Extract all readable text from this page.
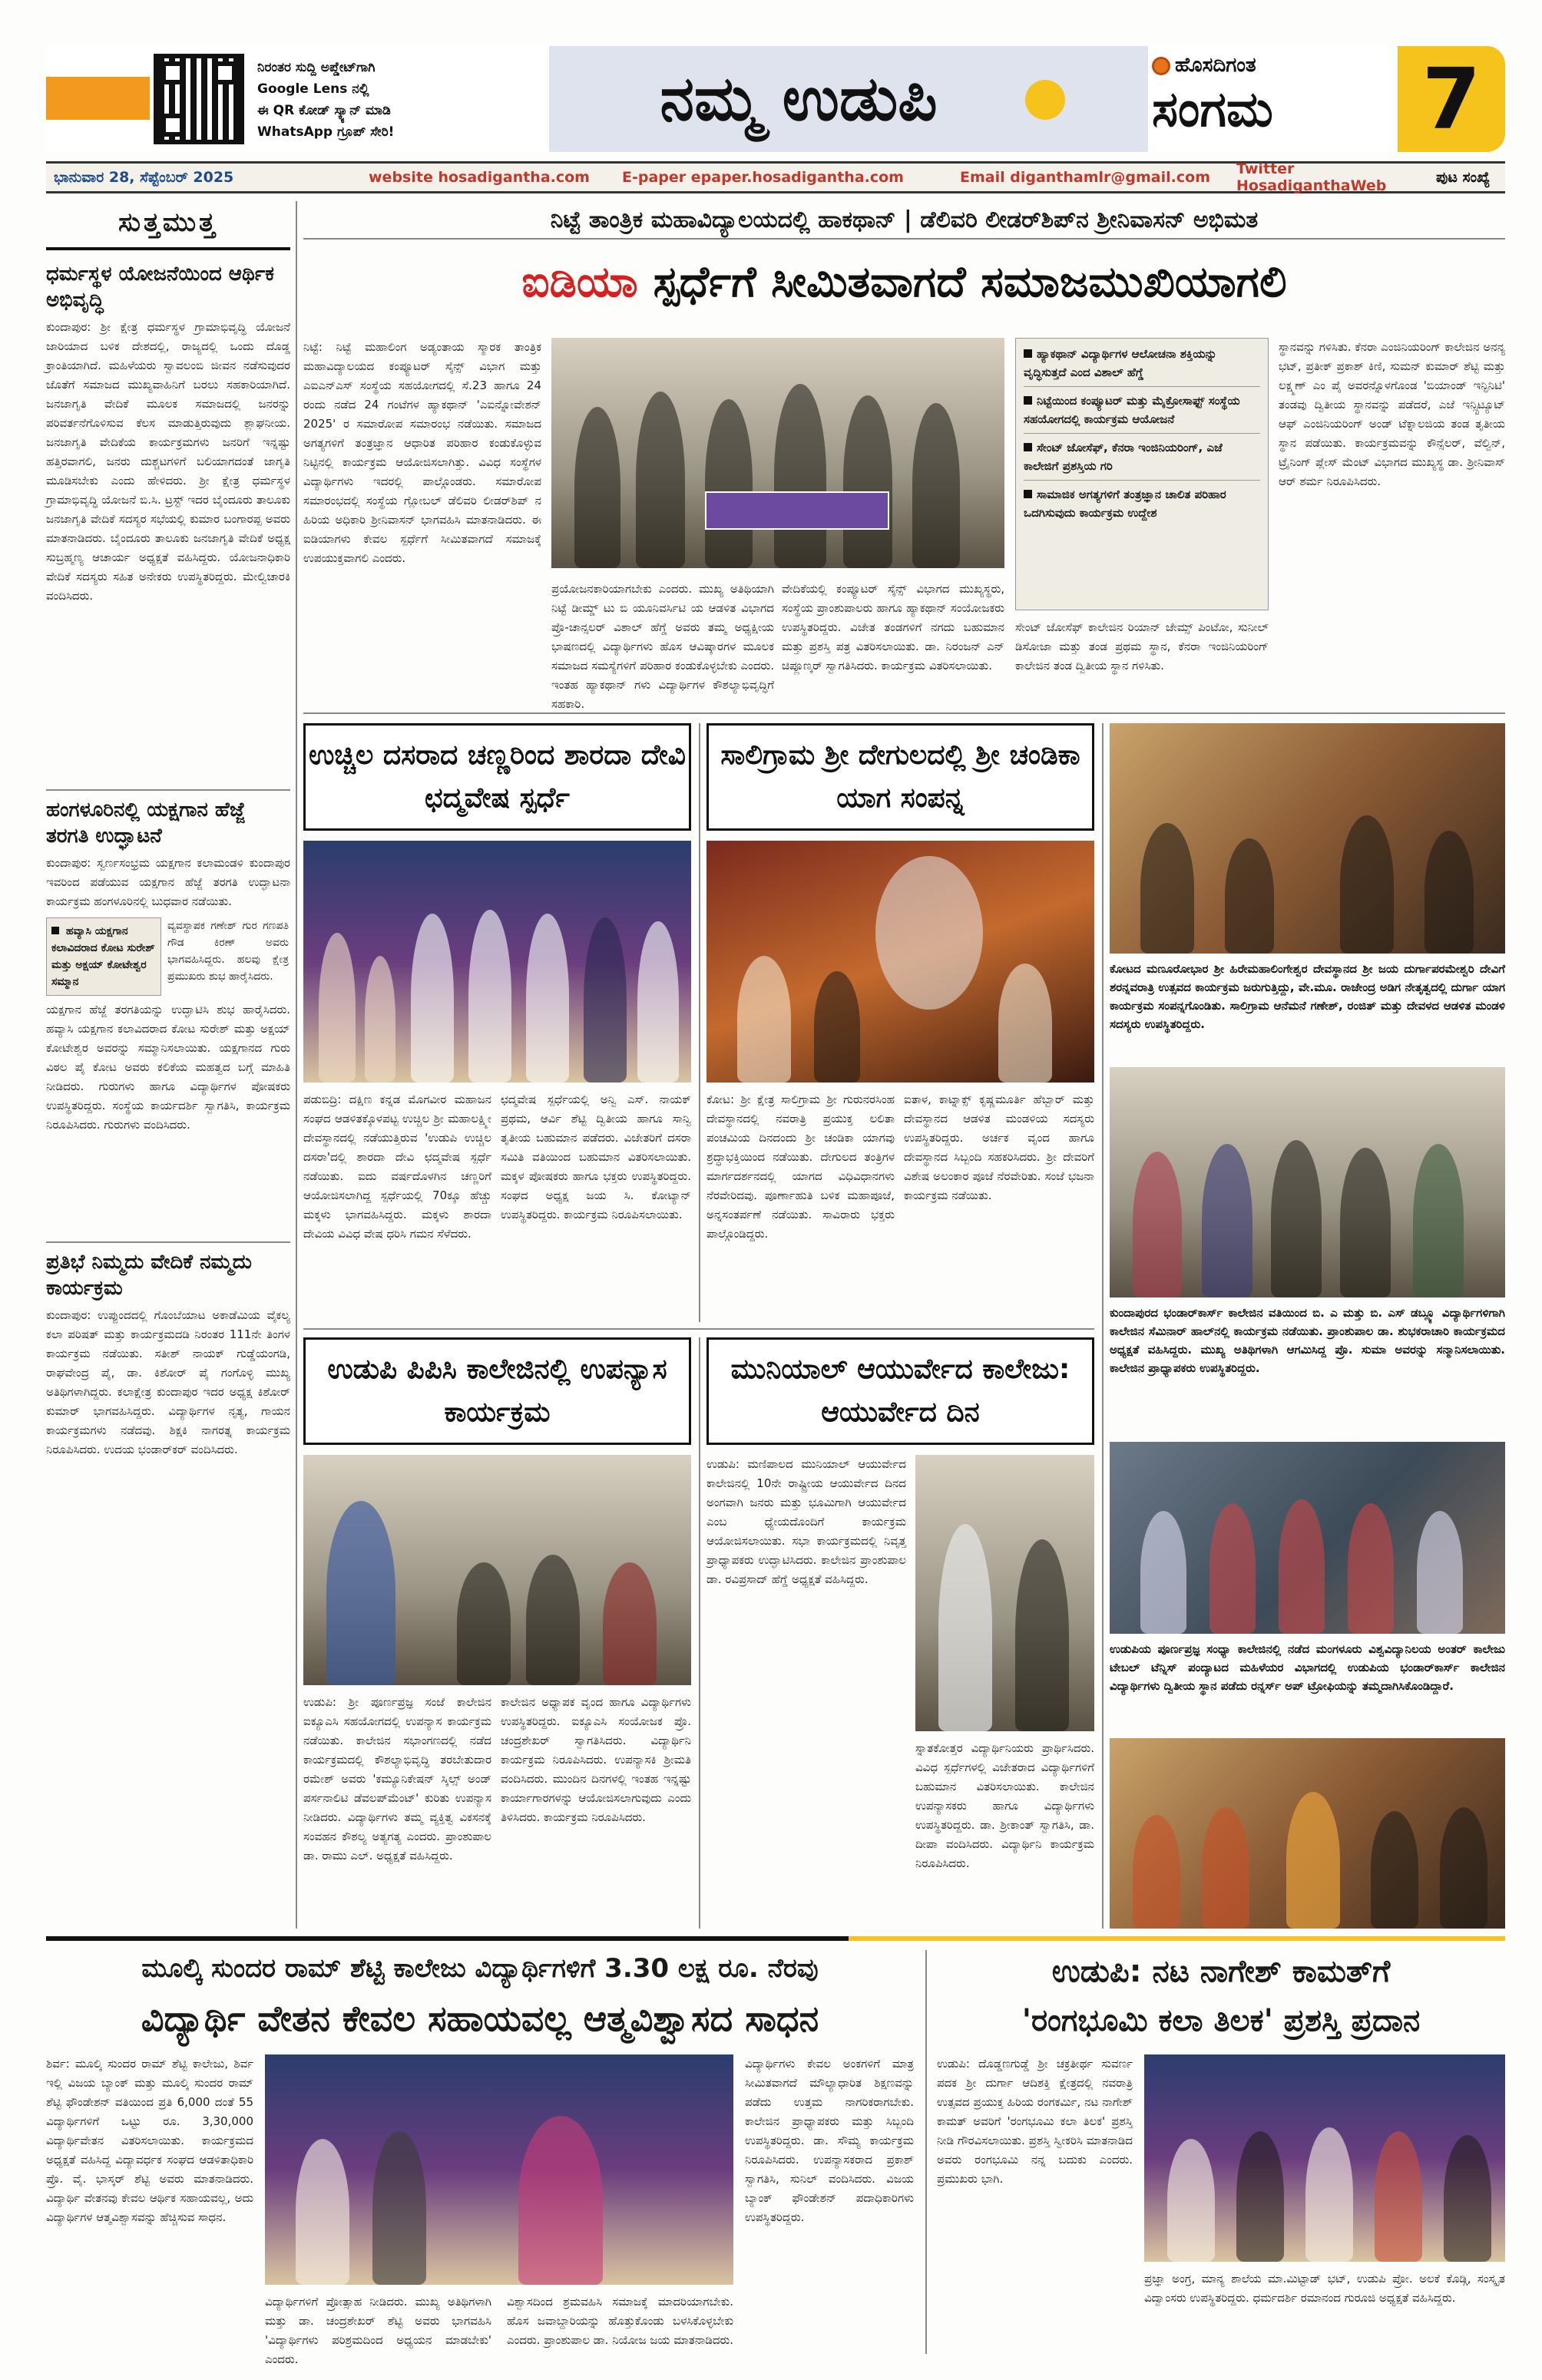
ನಿರಂತರ ಸುದ್ದಿ ಅಪ್ಡೇಟ್‌ಗಾಗಿ
Google Lens ನಲ್ಲಿ
ಈ QR ಕೋಡ್ ಸ್ಕ್ಯಾನ್ ಮಾಡಿ
WhatsApp ಗ್ರೂಪ್ ಸೇರಿ!	ನಮ್ಮ ಉಡುಪಿ	ಹೊಸದಿಗಂತ
ಸಂಗಮ	7
ಭಾನುವಾರ 28, ಸೆಪ್ಟೆಂಬರ್ 2025	website hosadigantha.com	E-paper epaper.hosadigantha.com	Email diganthamlr@gmail.com	Twitter HosadiganthaWeb	ಪುಟ ಸಂಖ್ಯೆ
ಸುತ್ತಮುತ್ತ
ಧರ್ಮಸ್ಥಳ ಯೋಜನೆಯಿಂದ ಆರ್ಥಿಕ ಅಭಿವೃದ್ಧಿ
ಕುಂದಾಪುರ: ಶ್ರೀ ಕ್ಷೇತ್ರ ಧರ್ಮಸ್ಥಳ ಗ್ರಾಮಾಭಿವೃದ್ಧಿ ಯೋಜನೆ ಜಾರಿಯಾದ ಬಳಿಕ ದೇಶದಲ್ಲಿ, ರಾಜ್ಯದಲ್ಲಿ ಒಂದು ದೊಡ್ಡ ಕ್ರಾಂತಿಯಾಗಿದೆ. ಮಹಿಳೆಯರು ಸ್ವಾವಲಂಬಿ ಜೀವನ ನಡೆಸುವುದರ ಜೊತೆಗೆ ಸಮಾಜದ ಮುಖ್ಯವಾಹಿನಿಗೆ ಬರಲು ಸಹಕಾರಿಯಾಗಿದೆ. ಜನಜಾಗೃತಿ ವೇದಿಕೆ ಮೂಲಕ ಸಮಾಜದಲ್ಲಿ ಜನರನ್ನು ಪರಿವರ್ತನೆಗೊಳಿಸುವ ಕೆಲಸ ಮಾಡುತ್ತಿರುವುದು ಶ್ಲಾಘನೀಯ. ಜನಜಾಗೃತಿ ವೇದಿಕೆಯ ಕಾರ್ಯಕ್ರಮಗಳು ಜನರಿಗೆ ಇನ್ನಷ್ಟು ಹತ್ತಿರವಾಗಲಿ, ಜನರು ದುಶ್ಚಟಗಳಿಗೆ ಬಲಿಯಾಗದಂತೆ ಜಾಗೃತಿ ಮೂಡಿಸಬೇಕು ಎಂದು ಹೇಳಿದರು. ಶ್ರೀ ಕ್ಷೇತ್ರ ಧರ್ಮಸ್ಥಳ ಗ್ರಾಮಾಭಿವೃದ್ಧಿ ಯೋಜನೆ ಬಿ.ಸಿ. ಟ್ರಸ್ಟ್ ಇದರ ಬೈಂದೂರು ತಾಲೂಕು ಜನಜಾಗೃತಿ ವೇದಿಕೆ ಸದಸ್ಯರ ಸಭೆಯಲ್ಲಿ ಕುಮಾರ ಬಂಗಾರಪ್ಪ ಅವರು ಮಾತನಾಡಿದರು. ಬೈಂದೂರು ತಾಲೂಕು ಜನಜಾಗೃತಿ ವೇದಿಕೆ ಅಧ್ಯಕ್ಷ ಸುಬ್ರಹ್ಮಣ್ಯ ಆಚಾರ್ಯ ಅಧ್ಯಕ್ಷತೆ ವಹಿಸಿದ್ದರು. ಯೋಜನಾಧಿಕಾರಿ ವೇದಿಕೆ ಸದಸ್ಯರು ಸಹಿತ ಅನೇಕರು ಉಪಸ್ಥಿತರಿದ್ದರು. ಮೇಲ್ವಿಚಾರಕಿ ವಂದಿಸಿದರು.
ಹಂಗಳೂರಿನಲ್ಲಿ ಯಕ್ಷಗಾನ ಹೆಜ್ಜೆ ತರಗತಿ ಉದ್ಘಾಟನೆ
ಕುಂದಾಪುರ: ಸ್ವರ್ಣಸಂಭ್ರಮ ಯಕ್ಷಗಾನ ಕಲಾಮಂಡಳಿ ಕುಂದಾಪುರ ಇವರಿಂದ ಪಡೆಯುವ ಯಕ್ಷಗಾನ ಹೆಜ್ಜೆ ತರಗತಿ ಉದ್ಘಾಟನಾ ಕಾರ್ಯಕ್ರಮ ಹಂಗಳೂರಿನಲ್ಲಿ ಬುಧವಾರ ನಡೆಯಿತು.
ಹವ್ಯಾಸಿ ಯಕ್ಷಗಾನ ಕಲಾವಿದರಾದ ಕೋಟ ಸುರೇಶ್ ಮತ್ತು ಅಕ್ಷಯ್ ಕೋಟೇಶ್ವರ ಸಮ್ಮಾನ
ವ್ಯವಸ್ಥಾಪಕ ಗಣೇಶ್ ಗುರ ಗಣಪತಿ ಗೌಡ ಕಿರಣ್ ಅವರು ಭಾಗವಹಿಸಿದ್ದರು. ಹಲವು ಕ್ಷೇತ್ರ ಪ್ರಮುಖರು ಶುಭ ಹಾರೈಸಿದರು.
ಯಕ್ಷಗಾನ ಹೆಜ್ಜೆ ತರಗತಿಯನ್ನು ಉದ್ಘಾಟಿಸಿ ಶುಭ ಹಾರೈಸಿದರು. ಹವ್ಯಾಸಿ ಯಕ್ಷಗಾನ ಕಲಾವಿದರಾದ ಕೋಟ ಸುರೇಶ್ ಮತ್ತು ಅಕ್ಷಯ್ ಕೋಟೇಶ್ವರ ಅವರನ್ನು ಸಮ್ಮಾನಿಸಲಾಯಿತು. ಯಕ್ಷಗಾನದ ಗುರು ವಿಠಲ ಪೈ ಕೋಟ ಅವರು ಕಲಿಕೆಯ ಮಹತ್ವದ ಬಗ್ಗೆ ಮಾಹಿತಿ ನೀಡಿದರು. ಗುರುಗಳು ಹಾಗೂ ವಿದ್ಯಾರ್ಥಿಗಳ ಪೋಷಕರು ಉಪಸ್ಥಿತರಿದ್ದರು. ಸಂಸ್ಥೆಯ ಕಾರ್ಯದರ್ಶಿ ಸ್ವಾಗತಿಸಿ, ಕಾರ್ಯಕ್ರಮ ನಿರೂಪಿಸಿದರು. ಗುರುಗಳು ವಂದಿಸಿದರು.
ಪ್ರತಿಭೆ ನಿಮ್ಮದು ವೇದಿಕೆ ನಮ್ಮದು ಕಾರ್ಯಕ್ರಮ
ಕುಂದಾಪುರ: ಉಪ್ಪುಂದದಲ್ಲಿ ಗೊಂಬೆಯಾಟ ಅಕಾಡೆಮಿಯ ವೈಕಲ್ಯ ಕಲಾ ಪರಿಷತ್ ಮತ್ತು ಕಾರ್ಯಕ್ರಮದಡಿ ನಿರಂತರ 111ನೇ ತಿಂಗಳ ಕಾರ್ಯಕ್ರಮ ನಡೆಯಿತು. ಸತೀಶ್ ನಾಯಕ್ ಗುಡ್ಡೆಯಂಗಡಿ, ರಾಘವೇಂದ್ರ ಪೈ, ಡಾ. ಕಿಶೋರ್ ಪೈ ಗಂಗೊಳ್ಳಿ ಮುಖ್ಯ ಅತಿಥಿಗಳಾಗಿದ್ದರು. ಕಲಾಕ್ಷೇತ್ರ ಕುಂದಾಪುರ ಇದರ ಅಧ್ಯಕ್ಷ ಕಿಶೋರ್ ಕುಮಾರ್ ಭಾಗವಹಿಸಿದ್ದರು. ವಿದ್ಯಾರ್ಥಿಗಳ ನೃತ್ಯ, ಗಾಯನ ಕಾರ್ಯಕ್ರಮಗಳು ನಡೆದವು. ಶಿಕ್ಷಕಿ ನಾಗರತ್ನ ಕಾರ್ಯಕ್ರಮ ನಿರೂಪಿಸಿದರು. ಉದಯ ಭಂಡಾರ್‌ಕರ್ ವಂದಿಸಿದರು.
ನಿಟ್ಟೆ ತಾಂತ್ರಿಕ ಮಹಾವಿದ್ಯಾಲಯದಲ್ಲಿ ಹಾಕಥಾನ್ | ಡೆಲಿವರಿ ಲೀಡರ್‌ಶಿಪ್‌ನ ಶ್ರೀನಿವಾಸನ್ ಅಭಿಮತ
ಐಡಿಯಾ ಸ್ಪರ್ಧೆಗೆ ಸೀಮಿತವಾಗದೆ ಸಮಾಜಮುಖಿಯಾಗಲಿ
ನಿಟ್ಟೆ: ನಿಟ್ಟೆ ಮಹಾಲಿಂಗ ಅಡ್ಯಂತಾಯ ಸ್ಮಾರಕ ತಾಂತ್ರಿಕ ಮಹಾವಿದ್ಯಾಲಯದ ಕಂಪ್ಯೂಟರ್ ಸೈನ್ಸ್ ವಿಭಾಗ ಮತ್ತು ಎಐಎನ್‌ಎಸ್ ಸಂಸ್ಥೆಯ ಸಹಯೋಗದಲ್ಲಿ ಸೆ.23 ಹಾಗೂ 24 ರಂದು ನಡೆದ 24 ಗಂಟೆಗಳ ಹ್ಯಾಕಥಾನ್ 'ಎಐನ್ನೋವೇಶನ್ 2025' ರ ಸಮಾರೋಪ ಸಮಾರಂಭ ನಡೆಯಿತು. ಸಮಾಜದ ಅಗತ್ಯಗಳಿಗೆ ತಂತ್ರಜ್ಞಾನ ಆಧಾರಿತ ಪರಿಹಾರ ಕಂಡುಕೊಳ್ಳುವ ನಿಟ್ಟಿನಲ್ಲಿ ಕಾರ್ಯಕ್ರಮ ಆಯೋಜಿಸಲಾಗಿತ್ತು. ವಿವಿಧ ಸಂಸ್ಥೆಗಳ ವಿದ್ಯಾರ್ಥಿಗಳು ಇದರಲ್ಲಿ ಪಾಲ್ಗೊಂಡರು. ಸಮಾರೋಪ ಸಮಾರಂಭದಲ್ಲಿ ಸಂಸ್ಥೆಯ ಗ್ಲೋಬಲ್ ಡೆಲಿವರಿ ಲೀಡರ್‌ಶಿಪ್ ನ ಹಿರಿಯ ಅಧಿಕಾರಿ ಶ್ರೀನಿವಾಸನ್ ಭಾಗವಹಿಸಿ ಮಾತನಾಡಿದರು. ಈ ಐಡಿಯಾಗಳು ಕೇವಲ ಸ್ಪರ್ಧೆಗೆ ಸೀಮಿತವಾಗದೆ ಸಮಾಜಕ್ಕೆ ಉಪಯುಕ್ತವಾಗಲಿ ಎಂದರು.
ಪ್ರಯೋಜನಕಾರಿಯಾಗಬೇಕು ಎಂದರು. ಮುಖ್ಯ ಅತಿಥಿಯಾಗಿ ನಿಟ್ಟೆ ಡೀಮ್ಡ್ ಟು ಬಿ ಯೂನಿವರ್ಸಿಟಿ ಯ ಆಡಳಿತ ವಿಭಾಗದ ಪ್ರೊ-ಚಾನ್ಸಲರ್ ವಿಶಾಲ್ ಹೆಗ್ಡೆ ಅವರು ತಮ್ಮ ಅಧ್ಯಕ್ಷೀಯ ಭಾಷಣದಲ್ಲಿ ವಿದ್ಯಾರ್ಥಿಗಳು ಹೊಸ ಆವಿಷ್ಕಾರಗಳ ಮೂಲಕ ಸಮಾಜದ ಸಮಸ್ಯೆಗಳಿಗೆ ಪರಿಹಾರ ಕಂಡುಕೊಳ್ಳಬೇಕು ಎಂದರು. ಇಂತಹ ಹ್ಯಾಕಥಾನ್ ಗಳು ವಿದ್ಯಾರ್ಥಿಗಳ ಕೌಶಲ್ಯಾಭಿವೃದ್ಧಿಗೆ ಸಹಕಾರಿ.
ವೇದಿಕೆಯಲ್ಲಿ ಕಂಪ್ಯೂಟರ್ ಸೈನ್ಸ್ ವಿಭಾಗದ ಮುಖ್ಯಸ್ಥರು, ಸಂಸ್ಥೆಯ ಪ್ರಾಂಶುಪಾಲರು ಹಾಗೂ ಹ್ಯಾಕಥಾನ್ ಸಂಯೋಜಕರು ಉಪಸ್ಥಿತರಿದ್ದರು. ವಿಜೇತ ತಂಡಗಳಿಗೆ ನಗದು ಬಹುಮಾನ ಮತ್ತು ಪ್ರಶಸ್ತಿ ಪತ್ರ ವಿತರಿಸಲಾಯಿತು. ಡಾ. ನಿರಂಜನ್ ಎನ್ ಚಿಪ್ಲೂಣ್ಕರ್ ಸ್ವಾಗತಿಸಿದರು. ಕಾರ್ಯಕ್ರಮ ವಿತರಿಸಲಾಯಿತು.
ಹ್ಯಾಕಥಾನ್ ವಿದ್ಯಾರ್ಥಿಗಳ ಆಲೋಚನಾ ಶಕ್ತಿಯನ್ನು ವೃದ್ಧಿಸುತ್ತದೆ ಎಂದ ವಿಶಾಲ್ ಹೆಗ್ಡೆ
ನಿಟ್ಟೆಯಿಂದ ಕಂಪ್ಯೂಟರ್ ಮತ್ತು ಮೈಕ್ರೋಸಾಫ್ಟ್ ಸಂಸ್ಥೆಯ ಸಹಯೋಗದಲ್ಲಿ ಕಾರ್ಯಕ್ರಮ ಆಯೋಜನೆ
ಸೇಂಟ್ ಜೋಸೆಫ್, ಕೆನರಾ ಇಂಜಿನಿಯರಿಂಗ್, ಎಜೆ ಕಾಲೇಜಿಗೆ ಪ್ರಶಸ್ತಿಯ ಗರಿ
ಸಾಮಾಜಿಕ ಅಗತ್ಯಗಳಿಗೆ ತಂತ್ರಜ್ಞಾನ ಚಾಲಿತ ಪರಿಹಾರ ಒದಗಿಸುವುದು ಕಾರ್ಯಕ್ರಮ ಉದ್ದೇಶ
ಸೇಂಟ್ ಜೋಸೆಫ್ ಕಾಲೇಜಿನ ರಿಯಾನ್ ಜೇಮ್ಸ್ ಪಿಂಟೋ, ಸುನೀಲ್ ಡಿಸೋಜಾ ಮತ್ತು ತಂಡ ಪ್ರಥಮ ಸ್ಥಾನ, ಕೆನರಾ ಇಂಜಿನಿಯರಿಂಗ್ ಕಾಲೇಜಿನ ತಂಡ ದ್ವಿತೀಯ ಸ್ಥಾನ ಗಳಿಸಿತು.
ಸ್ಥಾನವನ್ನು ಗಳಿಸಿತು. ಕೆನರಾ ಎಂಜಿನಿಯರಿಂಗ್ ಕಾಲೇಜಿನ ಅನನ್ಯ ಭಟ್, ಪ್ರತೀಕ್ ಪ್ರಕಾಶ್ ಕಿಣಿ, ಸುಮನ್ ಕುಮಾರ್ ಶೆಟ್ಟಿ ಮತ್ತು ಲಕ್ಷ್ಮಣ್ ಎಂ ಪೈ ಅವರನ್ನೊಳಗೊಂಡ 'ಬಿಯಾಂಡ್ ಇನ್ಫಿನಿಟಿ' ತಂಡವು ದ್ವಿತೀಯ ಸ್ಥಾನವನ್ನು ಪಡೆದರೆ, ಎಜೆ ಇನ್ಸ್ಟಿಟ್ಯೂಟ್ ಆಫ್ ಎಂಜಿನಿಯರಿಂಗ್ ಅಂಡ್ ಟೆಕ್ನಾಲಜಿಯ ತಂಡ ತೃತೀಯ ಸ್ಥಾನ ಪಡೆಯಿತು. ಕಾರ್ಯಕ್ರಮವನ್ನು ಕೌನ್ಸೆಲರ್, ವೆಲ್ವಿನ್, ಟ್ರೈನಿಂಗ್ ಪ್ಲೇಸ್ ಮೆಂಟ್ ವಿಭಾಗದ ಮುಖ್ಯಸ್ಥ ಡಾ. ಶ್ರೀನಿವಾಸ್ ಆರ್ ಶರ್ಮ ನಿರೂಪಿಸಿದರು.
ಉಚ್ಚಿಲ ದಸರಾದ ಚಣ್ಣರಿಂದ ಶಾರದಾ ದೇವಿ ಛದ್ಮವೇಷ ಸ್ಪರ್ಧೆ
ಪಡುಬಿದ್ರಿ: ದಕ್ಷಿಣ ಕನ್ನಡ ಮೊಗವೀರ ಮಹಾಜನ ಸಂಘದ ಆಡಳಿತಕ್ಕೊಳಪಟ್ಟ ಉಚ್ಚಿಲ ಶ್ರೀ ಮಹಾಲಕ್ಷ್ಮೀ ದೇವಸ್ಥಾನದಲ್ಲಿ ನಡೆಯುತ್ತಿರುವ 'ಉಡುಪಿ ಉಚ್ಚಿಲ ದಸರಾ'ದಲ್ಲಿ ಶಾರದಾ ದೇವಿ ಛದ್ಮವೇಷ ಸ್ಪರ್ಧೆ ನಡೆಯಿತು. ಐದು ವರ್ಷದೊಳಗಿನ ಚಣ್ಣರಿಗೆ ಆಯೋಜಿಸಲಾಗಿದ್ದ ಸ್ಪರ್ಧೆಯಲ್ಲಿ 70ಕ್ಕೂ ಹೆಚ್ಚು ಮಕ್ಕಳು ಭಾಗವಹಿಸಿದ್ದರು. ಮಕ್ಕಳು ಶಾರದಾ ದೇವಿಯ ವಿವಿಧ ವೇಷ ಧರಿಸಿ ಗಮನ ಸೆಳೆದರು.
ಛದ್ಮವೇಷ ಸ್ಪರ್ಧೆಯಲ್ಲಿ ಅನ್ವಿ ಎಸ್. ನಾಯಕ್ ಪ್ರಥಮ, ಆರ್ವಿ ಶೆಟ್ಟಿ ದ್ವಿತೀಯ ಹಾಗೂ ಸಾನ್ವಿ ತೃತೀಯ ಬಹುಮಾನ ಪಡೆದರು. ವಿಜೇತರಿಗೆ ದಸರಾ ಸಮಿತಿ ವತಿಯಿಂದ ಬಹುಮಾನ ವಿತರಿಸಲಾಯಿತು. ಮಕ್ಕಳ ಪೋಷಕರು ಹಾಗೂ ಭಕ್ತರು ಉಪಸ್ಥಿತರಿದ್ದರು. ಸಂಘದ ಅಧ್ಯಕ್ಷ ಜಯ ಸಿ. ಕೋಟ್ಯಾನ್ ಉಪಸ್ಥಿತರಿದ್ದರು. ಕಾರ್ಯಕ್ರಮ ನಿರೂಪಿಸಲಾಯಿತು.
ಸಾಲಿಗ್ರಾಮ ಶ್ರೀ ದೇಗುಲದಲ್ಲಿ ಶ್ರೀ ಚಂಡಿಕಾ ಯಾಗ ಸಂಪನ್ನ
ಕೋಟ: ಶ್ರೀ ಕ್ಷೇತ್ರ ಸಾಲಿಗ್ರಾಮ ಶ್ರೀ ಗುರುನರಸಿಂಹ ದೇವಸ್ಥಾನದಲ್ಲಿ ನವರಾತ್ರಿ ಪ್ರಯುಕ್ತ ಲಲಿತಾ ಪಂಚಮಿಯ ದಿನದಂದು ಶ್ರೀ ಚಂಡಿಕಾ ಯಾಗವು ಶ್ರದ್ಧಾಭಕ್ತಿಯಿಂದ ನಡೆಯಿತು. ದೇಗುಲದ ತಂತ್ರಿಗಳ ಮಾರ್ಗದರ್ಶನದಲ್ಲಿ ಯಾಗದ ವಿಧಿವಿಧಾನಗಳು ನೆರವೇರಿದವು. ಪೂರ್ಣಾಹುತಿ ಬಳಿಕ ಮಹಾಪೂಜೆ, ಅನ್ನಸಂತರ್ಪಣೆ ನಡೆಯಿತು. ಸಾವಿರಾರು ಭಕ್ತರು ಪಾಲ್ಗೊಂಡಿದ್ದರು.
ಐತಾಳ, ಕಾಟ್ನಾಕ್ಸ್ ಕೃಷ್ಣಮೂರ್ತಿ ಹೆಬ್ಬಾರ್ ಮತ್ತು ದೇವಸ್ಥಾನದ ಆಡಳಿತ ಮಂಡಳಿಯ ಸದಸ್ಯರು ಉಪಸ್ಥಿತರಿದ್ದರು. ಅರ್ಚಕ ವೃಂದ ಹಾಗೂ ದೇವಸ್ಥಾನದ ಸಿಬ್ಬಂದಿ ಸಹಕರಿಸಿದರು. ಶ್ರೀ ದೇವರಿಗೆ ವಿಶೇಷ ಅಲಂಕಾರ ಪೂಜೆ ನೆರವೇರಿತು. ಸಂಜೆ ಭಜನಾ ಕಾರ್ಯಕ್ರಮ ನಡೆಯಿತು.
ಕೋಟದ ಮಣೂರೋಭಾರ ಶ್ರೀ ಹಿರೇಮಹಾಲಿಂಗೇಶ್ವರ ದೇವಸ್ಥಾನದ ಶ್ರೀ ಜಯ ದುರ್ಗಾಪರಮೇಶ್ವರಿ ದೇವಿಗೆ ಶರನ್ನವರಾತ್ರಿ ಉತ್ಸವದ ಕಾರ್ಯಕ್ರಮ ಜರುಗುತ್ತಿದ್ದು, ವೇ.ಮೂ. ರಾಜೇಂದ್ರ ಅಡಿಗ ನೇತೃತ್ವದಲ್ಲಿ ದುರ್ಗಾ ಯಾಗ ಕಾರ್ಯಕ್ರಮ ಸಂಪನ್ನಗೊಂಡಿತು. ಸಾಲಿಗ್ರಾಮ ಆನೆಮನೆ ಗಣೇಶ್, ರಂಜಿತ್ ಮತ್ತು ದೇವಳದ ಆಡಳಿತ ಮಂಡಳಿ ಸದಸ್ಯರು ಉಪಸ್ಥಿತರಿದ್ದರು.
ಕುಂದಾಪುರದ ಭಂಡಾರ್‌ಕಾರ್ಸ್ ಕಾಲೇಜಿನ ವತಿಯಿಂದ ಬಿ. ಎ ಮತ್ತು ಬಿ. ಎಸ್ ಡಬ್ಲ್ಯೂ ವಿದ್ಯಾರ್ಥಿಗಳಿಗಾಗಿ ಕಾಲೇಜಿನ ಸೆಮಿನಾರ್ ಹಾಲ್‌ನಲ್ಲಿ ಕಾರ್ಯಕ್ರಮ ನಡೆಯಿತು. ಪ್ರಾಂಶುಪಾಲ ಡಾ. ಶುಭಕರಾಚಾರಿ ಕಾರ್ಯಕ್ರಮದ ಅಧ್ಯಕ್ಷತೆ ವಹಿಸಿದ್ದರು. ಮುಖ್ಯ ಅತಿಥಿಗಳಾಗಿ ಆಗಮಿಸಿದ್ದ ಪ್ರೊ. ಸುಮಾ ಅವರನ್ನು ಸನ್ಮಾನಿಸಲಾಯಿತು. ಕಾಲೇಜಿನ ಪ್ರಾಧ್ಯಾಪಕರು ಉಪಸ್ಥಿತರಿದ್ದರು.
ಉಡುಪಿಯ ಪೂರ್ಣಪ್ರಜ್ಞ ಸಂಧ್ಯಾ ಕಾಲೇಜಿನಲ್ಲಿ ನಡೆದ ಮಂಗಳೂರು ವಿಶ್ವವಿದ್ಯಾನಿಲಯ ಅಂತರ್ ಕಾಲೇಜು ಟೇಬಲ್ ಟೆನ್ನಿಸ್ ಪಂದ್ಯಾಟದ ಮಹಿಳೆಯರ ವಿಭಾಗದಲ್ಲಿ ಉಡುಪಿಯ ಭಂಡಾರ್‌ಕಾರ್ಸ್ ಕಾಲೇಜಿನ ವಿದ್ಯಾರ್ಥಿಗಳು ದ್ವಿತೀಯ ಸ್ಥಾನ ಪಡೆದು ರನ್ನರ್ಸ್ ಅಪ್ ಟ್ರೋಫಿಯನ್ನು ತಮ್ಮದಾಗಿಸಿಕೊಂಡಿದ್ದಾರೆ.
ಉಡುಪಿ ಪಿಪಿಸಿ ಕಾಲೇಜಿನಲ್ಲಿ ಉಪನ್ಯಾಸ ಕಾರ್ಯಕ್ರಮ
ಉಡುಪಿ: ಶ್ರೀ ಪೂರ್ಣಪ್ರಜ್ಞ ಸಂಜೆ ಕಾಲೇಜಿನ ಐಕ್ಯೂಎಸಿ ಸಹಯೋಗದಲ್ಲಿ ಉಪನ್ಯಾಸ ಕಾರ್ಯಕ್ರಮ ನಡೆಯಿತು. ಕಾಲೇಜಿನ ಸಭಾಂಗಣದಲ್ಲಿ ನಡೆದ ಕಾರ್ಯಕ್ರಮದಲ್ಲಿ ಕೌಶಲ್ಯಾಭಿವೃದ್ಧಿ ತರಬೇತುದಾರ ರಮೇಶ್ ಅವರು 'ಕಮ್ಯೂನಿಕೇಷನ್ ಸ್ಕಿಲ್ಸ್ ಅಂಡ್ ಪರ್ಸನಾಲಿಟಿ ಡೆವಲಪ್‌ಮೆಂಟ್' ಕುರಿತು ಉಪನ್ಯಾಸ ನೀಡಿದರು. ವಿದ್ಯಾರ್ಥಿಗಳು ತಮ್ಮ ವ್ಯಕ್ತಿತ್ವ ವಿಕಸನಕ್ಕೆ ಸಂವಹನ ಕೌಶಲ್ಯ ಅತ್ಯಗತ್ಯ ಎಂದರು. ಪ್ರಾಂಶುಪಾಲ ಡಾ. ರಾಮು ಎಲ್. ಅಧ್ಯಕ್ಷತೆ ವಹಿಸಿದ್ದರು.
ಕಾಲೇಜಿನ ಅಧ್ಯಾಪಕ ವೃಂದ ಹಾಗೂ ವಿದ್ಯಾರ್ಥಿಗಳು ಉಪಸ್ಥಿತರಿದ್ದರು. ಐಕ್ಯೂಎಸಿ ಸಂಯೋಜಕ ಪ್ರೊ. ಚಂದ್ರಶೇಖರ್ ಸ್ವಾಗತಿಸಿದರು. ವಿದ್ಯಾರ್ಥಿನಿ ಕಾರ್ಯಕ್ರಮ ನಿರೂಪಿಸಿದರು. ಉಪನ್ಯಾಸಕಿ ಶ್ರೀಮತಿ ವಂದಿಸಿದರು. ಮುಂದಿನ ದಿನಗಳಲ್ಲಿ ಇಂತಹ ಇನ್ನಷ್ಟು ಕಾರ್ಯಾಗಾರಗಳನ್ನು ಆಯೋಜಿಸಲಾಗುವುದು ಎಂದು ತಿಳಿಸಿದರು. ಕಾರ್ಯಕ್ರಮ ನಿರೂಪಿಸಿದರು.
ಮುನಿಯಾಲ್ ಆಯುರ್ವೇದ ಕಾಲೇಜು: ಆಯುರ್ವೇದ ದಿನ
ಉಡುಪಿ: ಮಣಿಪಾಲದ ಮುನಿಯಾಲ್ ಆಯುರ್ವೇದ ಕಾಲೇಜಿನಲ್ಲಿ 10ನೇ ರಾಷ್ಟ್ರೀಯ ಆಯುರ್ವೇದ ದಿನದ ಅಂಗವಾಗಿ ಜನರು ಮತ್ತು ಭೂಮಿಗಾಗಿ ಆಯುರ್ವೇದ ಎಂಬ ಧ್ಯೇಯದೊಂದಿಗೆ ಕಾರ್ಯಕ್ರಮ ಆಯೋಜಿಸಲಾಯಿತು. ಸಭಾ ಕಾರ್ಯಕ್ರಮದಲ್ಲಿ ನಿವೃತ್ತ ಪ್ರಾಧ್ಯಾಪಕರು ಉದ್ಘಾಟಿಸಿದರು. ಕಾಲೇಜಿನ ಪ್ರಾಂಶುಪಾಲ ಡಾ. ರವಿಪ್ರಸಾದ್ ಹೆಗ್ಡೆ ಅಧ್ಯಕ್ಷತೆ ವಹಿಸಿದ್ದರು.
ಸ್ನಾತಕೋತ್ತರ ವಿದ್ಯಾರ್ಥಿನಿಯರು ಪ್ರಾರ್ಥಿಸಿದರು. ವಿವಿಧ ಸ್ಪರ್ಧೆಗಳಲ್ಲಿ ವಿಜೇತರಾದ ವಿದ್ಯಾರ್ಥಿಗಳಿಗೆ ಬಹುಮಾನ ವಿತರಿಸಲಾಯಿತು. ಕಾಲೇಜಿನ ಉಪನ್ಯಾಸಕರು ಹಾಗೂ ವಿದ್ಯಾರ್ಥಿಗಳು ಉಪಸ್ಥಿತರಿದ್ದರು. ಡಾ. ಶ್ರೀಕಾಂತ್ ಸ್ವಾಗತಿಸಿ, ಡಾ. ದೀಪಾ ವಂದಿಸಿದರು. ವಿದ್ಯಾರ್ಥಿನಿ ಕಾರ್ಯಕ್ರಮ ನಿರೂಪಿಸಿದರು.
ಮೂಲ್ಕಿ ಸುಂದರ ರಾಮ್ ಶೆಟ್ಟಿ ಕಾಲೇಜು ವಿದ್ಯಾರ್ಥಿಗಳಿಗೆ 3.30 ಲಕ್ಷ ರೂ. ನೆರವು
ವಿದ್ಯಾರ್ಥಿ ವೇತನ ಕೇವಲ ಸಹಾಯವಲ್ಲ ಆತ್ಮವಿಶ್ವಾಸದ ಸಾಧನ
ಶಿರ್ವ: ಮೂಲ್ಕಿ ಸುಂದರ ರಾಮ್ ಶೆಟ್ಟಿ ಕಾಲೇಜು, ಶಿರ್ವ ಇಲ್ಲಿ ವಿಜಯ ಬ್ಯಾಂಕ್ ಮತ್ತು ಮೂಲ್ಕಿ ಸುಂದರ ರಾಮ್ ಶೆಟ್ಟಿ ಫೌಂಡೇಶನ್ ವತಿಯಿಂದ ಪ್ರತಿ 6,000 ದಂತೆ 55 ವಿದ್ಯಾರ್ಥಿಗಳಿಗೆ ಒಟ್ಟು ರೂ. 3,30,000 ವಿದ್ಯಾರ್ಥಿವೇತನ ವಿತರಿಸಲಾಯಿತು. ಕಾರ್ಯಕ್ರಮದ ಅಧ್ಯಕ್ಷತೆ ವಹಿಸಿದ್ದ ವಿದ್ಯಾವರ್ಧಕ ಸಂಘದ ಆಡಳಿತಾಧಿಕಾರಿ ಪ್ರೊ. ವೈ. ಭಾಸ್ಕರ್ ಶೆಟ್ಟಿ ಅವರು ಮಾತನಾಡಿದರು. ವಿದ್ಯಾರ್ಥಿ ವೇತನವು ಕೇವಲ ಆರ್ಥಿಕ ಸಹಾಯವಲ್ಲ, ಅದು ವಿದ್ಯಾರ್ಥಿಗಳ ಆತ್ಮವಿಶ್ವಾಸವನ್ನು ಹೆಚ್ಚಿಸುವ ಸಾಧನ.
ವಿದ್ಯಾರ್ಥಿಗಳಿಗೆ ಪ್ರೋತ್ಸಾಹ ನೀಡಿದರು. ಮುಖ್ಯ ಅತಿಥಿಗಳಾಗಿ ಮತ್ತು ಡಾ. ಚಂದ್ರಶೇಖರ್ ಶೆಟ್ಟಿ ಅವರು ಭಾಗವಹಿಸಿ 'ವಿದ್ಯಾರ್ಥಿಗಳು ಪರಿಶ್ರಮದಿಂದ ಅಧ್ಯಯನ ಮಾಡಬೇಕು' ಎಂದರು.
ವಿಶ್ವಾಸದಿಂದ ಶ್ರಮವಹಿಸಿ ಸಮಾಜಕ್ಕೆ ಮಾದರಿಯಾಗಬೇಕು. ಹೊಸ ಜವಾಬ್ದಾರಿಯನ್ನು ಹೊತ್ತುಕೊಂಡು ಬಳಸಿಕೊಳ್ಳಬೇಕು ಎಂದರು. ಪ್ರಾಂಶುಪಾಲ ಡಾ. ನಿಯೋಜ ಜಯ ಮಾತನಾಡಿದರು.
ವಿದ್ಯಾರ್ಥಿಗಳು ಕೇವಲ ಅಂಕಗಳಿಗೆ ಮಾತ್ರ ಸೀಮಿತವಾಗದೆ ಮೌಲ್ಯಾಧಾರಿತ ಶಿಕ್ಷಣವನ್ನು ಪಡೆದು ಉತ್ತಮ ನಾಗರಿಕರಾಗಬೇಕು. ಕಾಲೇಜಿನ ಪ್ರಾಧ್ಯಾಪಕರು ಮತ್ತು ಸಿಬ್ಬಂದಿ ಉಪಸ್ಥಿತರಿದ್ದರು. ಡಾ. ಸೌಮ್ಯ ಕಾರ್ಯಕ್ರಮ ನಿರೂಪಿಸಿದರು. ಉಪನ್ಯಾಸಕರಾದ ಪ್ರಕಾಶ್ ಸ್ವಾಗತಿಸಿ, ಸುನಿಲ್ ವಂದಿಸಿದರು. ವಿಜಯ ಬ್ಯಾಂಕ್ ಫೌಂಡೇಶನ್ ಪದಾಧಿಕಾರಿಗಳು ಉಪಸ್ಥಿತರಿದ್ದರು.
ಉಡುಪಿ: ನಟ ನಾಗೇಶ್ ಕಾಮತ್‌ಗೆ
'ರಂಗಭೂಮಿ ಕಲಾ ತಿಲಕ' ಪ್ರಶಸ್ತಿ ಪ್ರದಾನ
ಉಡುಪಿ: ದೊಡ್ಡಣಗುಡ್ಡೆ ಶ್ರೀ ಚಕ್ರತೀರ್ಥ ಸುವರ್ಣ ಪದಕ ಶ್ರೀ ದುರ್ಗಾ ಆದಿಶಕ್ತಿ ಕ್ಷೇತ್ರದಲ್ಲಿ ನವರಾತ್ರಿ ಉತ್ಸವದ ಪ್ರಯುಕ್ತ ಹಿರಿಯ ರಂಗಕರ್ಮಿ, ನಟ ನಾಗೇಶ್ ಕಾಮತ್ ಅವರಿಗೆ 'ರಂಗಭೂಮಿ ಕಲಾ ತಿಲಕ' ಪ್ರಶಸ್ತಿ ನೀಡಿ ಗೌರವಿಸಲಾಯಿತು. ಪ್ರಶಸ್ತಿ ಸ್ವೀಕರಿಸಿ ಮಾತನಾಡಿದ ಅವರು ರಂಗಭೂಮಿ ನನ್ನ ಬದುಕು ಎಂದರು. ಪ್ರಮುಖರು ಭಾಗಿ.
ಪ್ರಜ್ಞಾ ಅಂಗ್ರ, ಮಾನ್ಯ ಶಾಲೆಯ ಮಾ.ಮಿಟ್ಟಾಡ್ ಭಟ್, ಉಡುಪಿ ಪ್ರೋ. ಅಲಕೆ ಕೊಡ್ಗಿ, ಸಂಸ್ಕೃತ ವಿದ್ವಾಂಸರು ಉಪಸ್ಥಿತರಿದ್ದರು. ಧರ್ಮದರ್ಶಿ ರಮಾನಂದ ಗುರೂಜಿ ಅಧ್ಯಕ್ಷತೆ ವಹಿಸಿದ್ದರು.
